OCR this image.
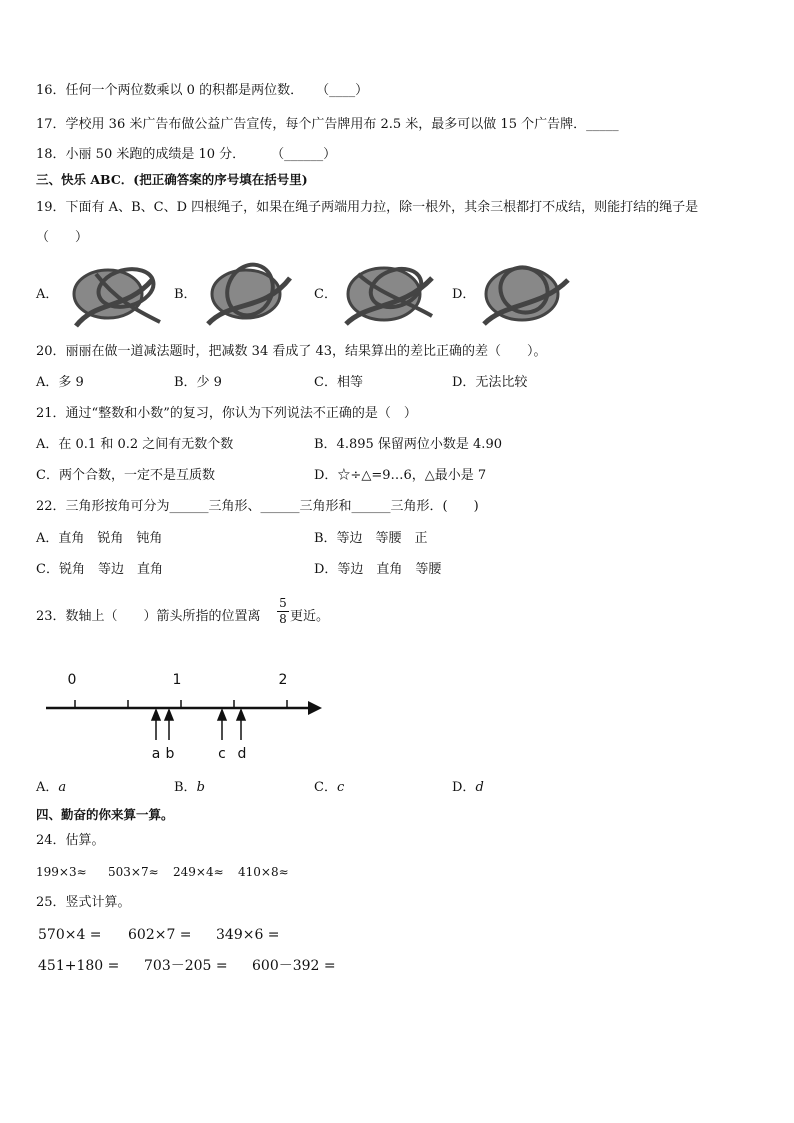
16．任何一个两位数乘以 0 的积都是两位数．　　（____）
17．学校用 36 米广告布做公益广告宣传，每个广告牌用布 2.5 米，最多可以做 15 个广告牌．_____
18．小丽 50 米跑的成绩是 10 分．　　　（______）
三、快乐 ABC．(把正确答案的序号填在括号里)
19．下面有 A、B、C、D 四根绳子，如果在绳子两端用力拉，除一根外，其余三根都打不成结，则能打结的绳子是
（　　）
A．	B．	C．	D．
20．丽丽在做一道减法题时，把减数 34 看成了 43，结果算出的差比正确的差（　　）。
A．多 9	B．少 9	C．相等	D．无法比较
21．通过“整数和小数”的复习，你认为下列说法不正确的是（　）
A．在 0.1 和 0.2 之间有无数个数	B．4.895 保留两位小数是 4.90
C．两个合数，一定不是互质数	D．☆÷△=9…6，△最小是 7
22．三角形按角可分为______三角形、______三角形和______三角形．(　　)
A．直角　锐角　钝角	B．等边　等腰　正
C．锐角　等边　直角	D．等边　直角　等腰
23．数轴上（　　）箭头所指的位置离
5
8 更近。
0	1	2
a b	c d
A．a	B．b	C．c	D．d
四、勤奋的你来算一算。
24．估算。
199×3≈ 503×7≈ 249×4≈ 410×8≈
25．竖式计算。
570×4 = 602×7 = 349×6 =
451+180 = 703－205 = 600－392 =
